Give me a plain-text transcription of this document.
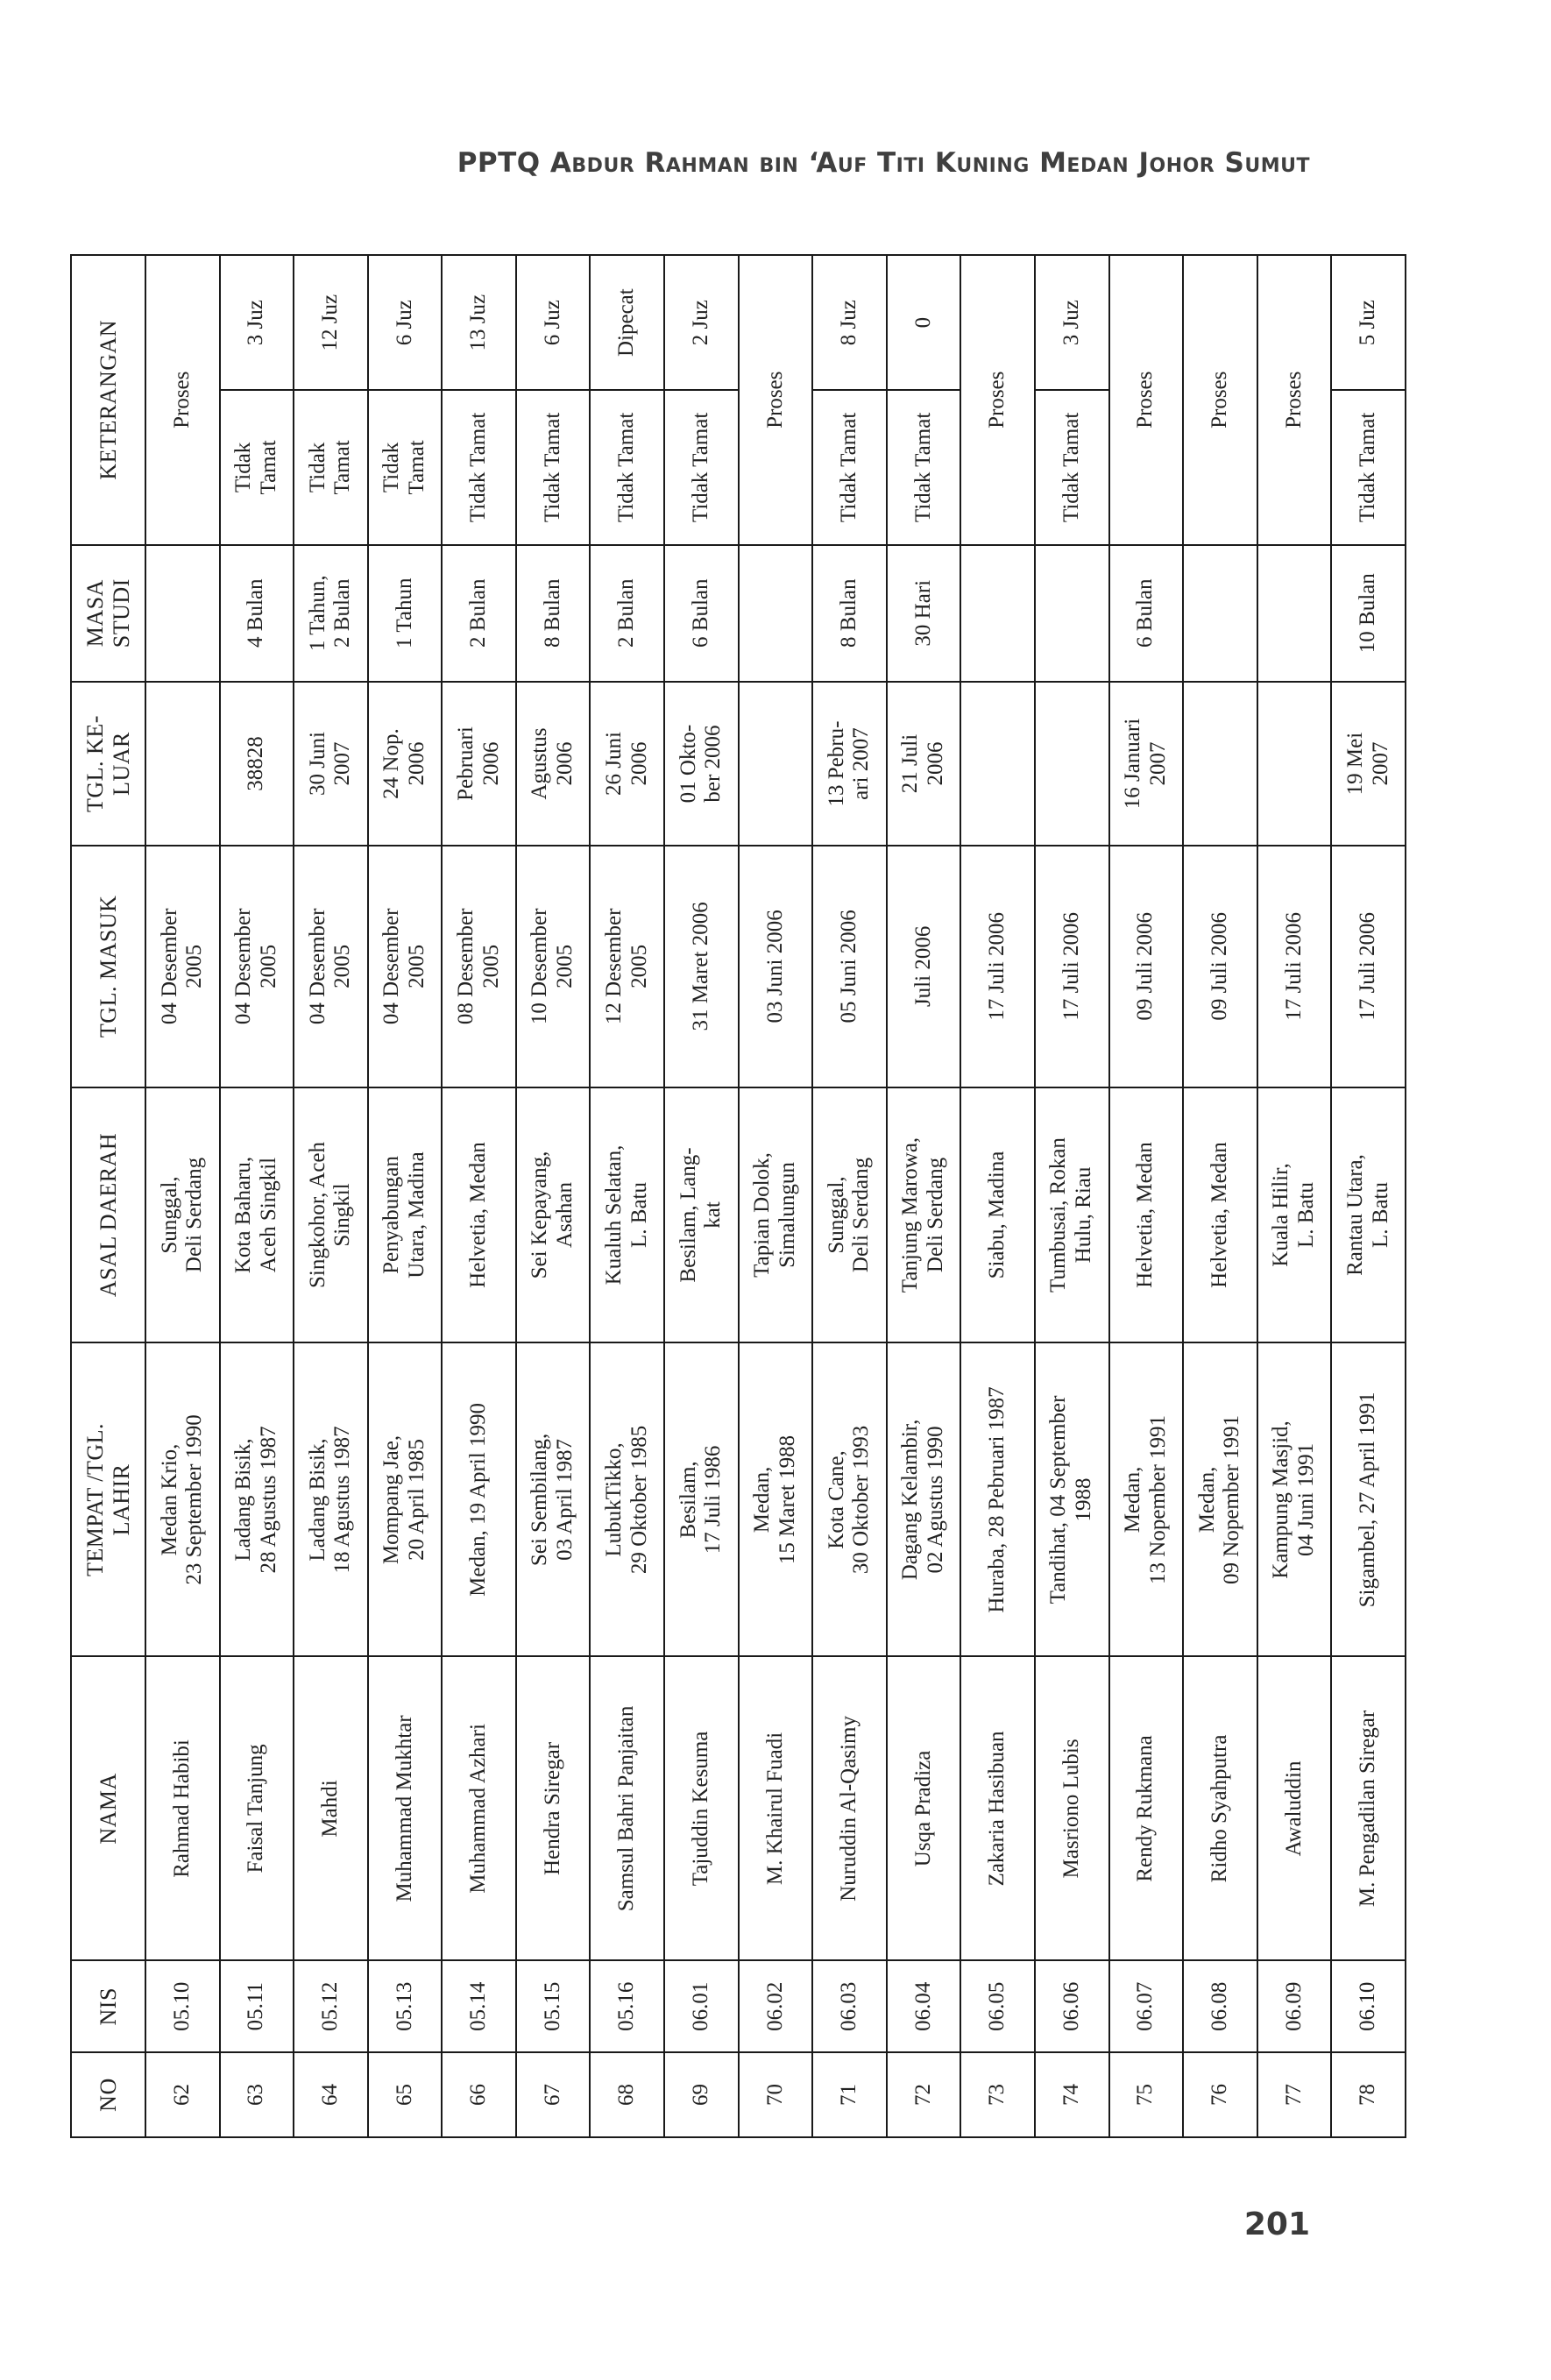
PPTQ Abdur Rahman bin ‘Auf Titi Kuning Medan Johor Sumut
NO	NIS	NAMA	TEMPAT /TGL.
LAHIR	ASAL DAERAH	TGL. MASUK	TGL. KE-
LUAR	MASA
STUDI	KETERANGAN	
62	05.10	Rahmad Habibi	Medan Krio,
23 September 1990	Sunggal,
Deli Serdang	04 Desember
2005			Proses	
63	05.11	Faisal Tanjung	Ladang Bisik,
28 Agustus 1987	Kota Baharu,
Aceh Singkil	04 Desember
2005	38828	4 Bulan	Tidak
Tamat	3 Juz
64	05.12	Mahdi	Ladang Bisik,
18 Agustus 1987	Singkohor, Aceh
Singkil	04 Desember
2005	30 Juni
2007	1 Tahun,
2 Bulan	Tidak
Tamat	12 Juz
65	05.13	Muhammad Mukhtar	Mompang Jae,
20 April 1985	Penyabungan
Utara, Madina	04 Desember
2005	24 Nop.
2006	1 Tahun	Tidak
Tamat	6 Juz
66	05.14	Muhammad Azhari	Medan, 19 April 1990	Helvetia, Medan	08 Desember
2005	Pebruari
2006	2 Bulan	Tidak Tamat	13 Juz
67	05.15	Hendra Siregar	Sei Sembilang,
03 April 1987	Sei Kepayang,
Asahan	10 Desember
2005	Agustus
2006	8 Bulan	Tidak Tamat	6 Juz
68	05.16	Samsul Bahri Panjaitan	LubukTikko,
29 Oktober 1985	Kualuh Selatan,
L. Batu	12 Desember
2005	26 Juni
2006	2 Bulan	Tidak Tamat	Dipecat
69	06.01	Tajuddin Kesuma	Besilam,
17 Juli 1986	Besilam, Lang-
kat	31 Maret 2006	01 Okto-
ber 2006	6 Bulan	Tidak Tamat	2 Juz
70	06.02	M. Khairul Fuadi	Medan,
15 Maret 1988	Tapian Dolok,
Simalungun	03 Juni 2006			Proses	
71	06.03	Nuruddin Al-Qasimy	Kota Cane,
30 Oktober 1993	Sunggal,
Deli Serdang	05 Juni 2006	13 Pebru-
ari 2007	8 Bulan	Tidak Tamat	8 Juz
72	06.04	Usqa Pradiza	Dagang Kelambir,
02 Agustus 1990	Tanjung Marowa,
Deli Serdang	Juli 2006	21 Juli
2006	30 Hari	Tidak Tamat	0
73	06.05	Zakaria Hasibuan	Huraba, 28 Pebruari 1987	Siabu, Madina	17 Juli 2006			Proses	
74	06.06	Masriono Lubis	Tandihat, 04 September
1988	Tumbusai, Rokan
Hulu, Riau	17 Juli 2006			Tidak Tamat	3 Juz
75	06.07	Rendy Rukmana	Medan,
13 Nopember 1991	Helvetia, Medan	09 Juli 2006	16 Januari
2007	6 Bulan	Proses	
76	06.08	Ridho Syahputra	Medan,
09 Nopember 1991	Helvetia, Medan	09 Juli 2006			Proses	
77	06.09	Awaluddin	Kampung Masjid,
04 Juni 1991	Kuala Hilir,
L. Batu	17 Juli 2006			Proses	
78	06.10	M. Pengadilan Siregar	Sigambel, 27 April 1991	Rantau Utara,
L. Batu	17 Juli 2006	19 Mei
2007	10 Bulan	Tidak Tamat	5 Juz
201
